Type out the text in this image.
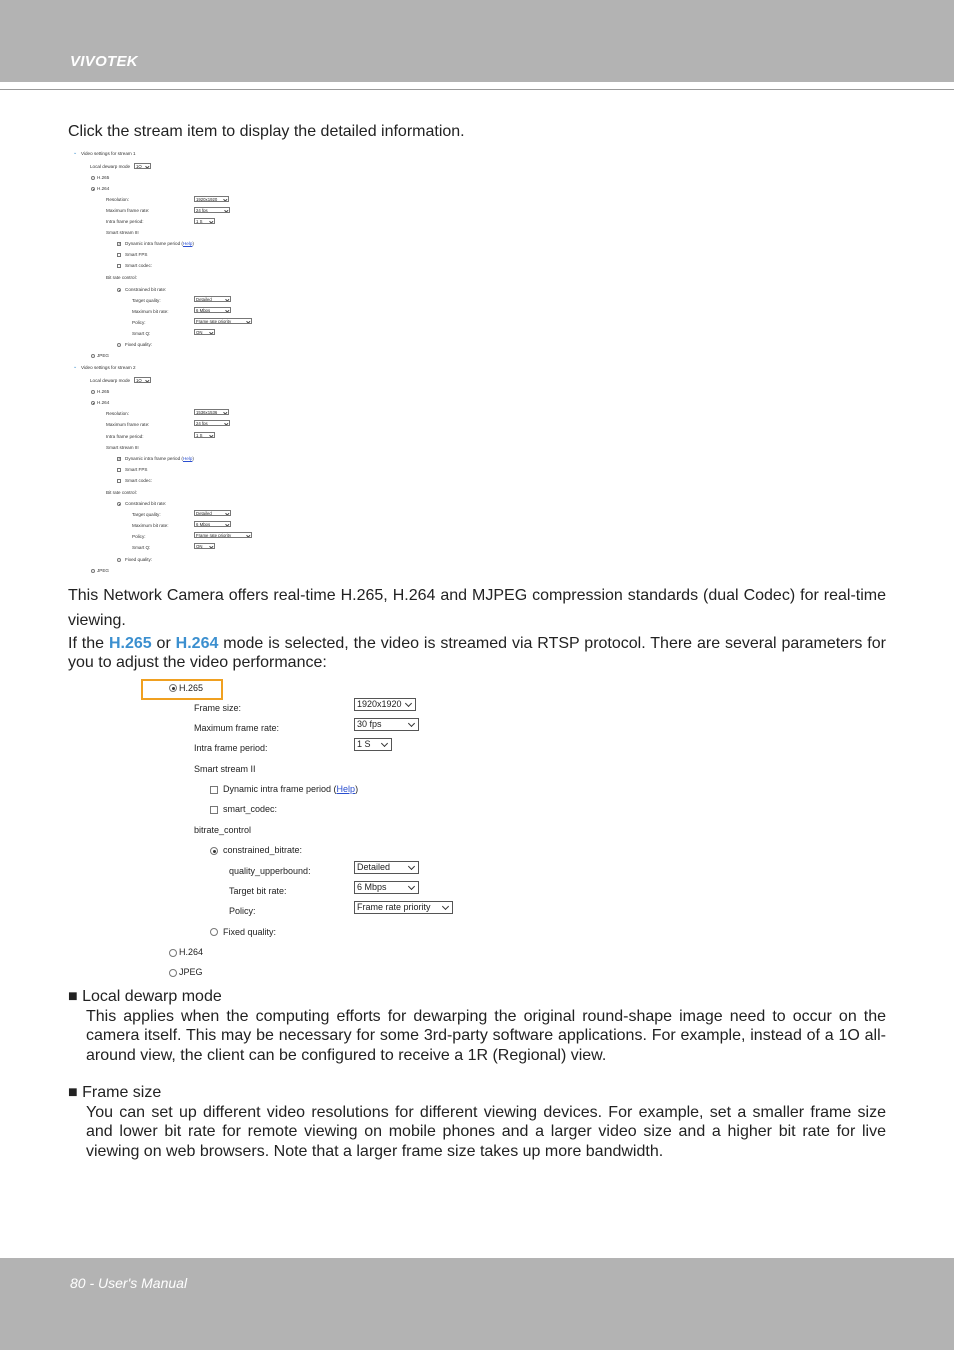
VIVOTEK
Click the stream item to display the detailed information.
⌄ Video settings for stream 1
Local dewarp mode	1O
H.265
H.264
Resolution:	1920x1920
Maximum frame rate:	24 fps
Intra frame period:	1 S
Smart stream III
✓
Dynamic intra frame period (Help)
Smart FPS
Smart codec:
Bit rate control:
Constrained bit rate:
Target quality:	Detailed
Maximum bit rate:	6 Mbps
Policy:	Frame rate priority
Smart Q:	ON
Fixed quality:
JPEG
⌄ Video settings for stream 2
Local dewarp mode	1O
H.265
H.264
Resolution:	1536x1536
Maximum frame rate:	24 fps
Intra frame period:	1 S
Smart stream III
✓
Dynamic intra frame period (Help)
Smart FPS
Smart codec:
Bit rate control:
Constrained bit rate:
Target quality:	Detailed
Maximum bit rate:	6 Mbps
Policy:	Frame rate priority
Smart Q:	ON
Fixed quality:
JPEG
This Network Camera offers real-time H.265, H.264 and MJPEG compression standards (dual Codec) for real-time viewing.
If the H.265 or H.264 mode is selected, the video is streamed via RTSP protocol. There are several parameters for you to adjust the video performance:
H.265
Frame size:	1920x1920
Maximum frame rate:	30 fps
Intra frame period:	1 S
Smart stream II
Dynamic intra frame period (Help)
smart_codec:
bitrate_control
constrained_bitrate:
quality_upperbound:	Detailed
Target bit rate:	6 Mbps
Policy:	Frame rate priority
Fixed quality:
H.264
JPEG
■ Local dewarp mode
This applies when the computing efforts for dewarping the original round-shape image need to occur on the camera itself. This may be necessary for some 3rd-party software applications. For example, instead of a 1O all-around view, the client can be configured to receive a 1R (Regional) view.
■ Frame size
You can set up different video resolutions for different viewing devices. For example, set a smaller frame size and lower bit rate for remote viewing on mobile phones and a larger video size and a higher bit rate for live viewing on web browsers. Note that a larger frame size takes up more bandwidth.
80 - User's Manual
